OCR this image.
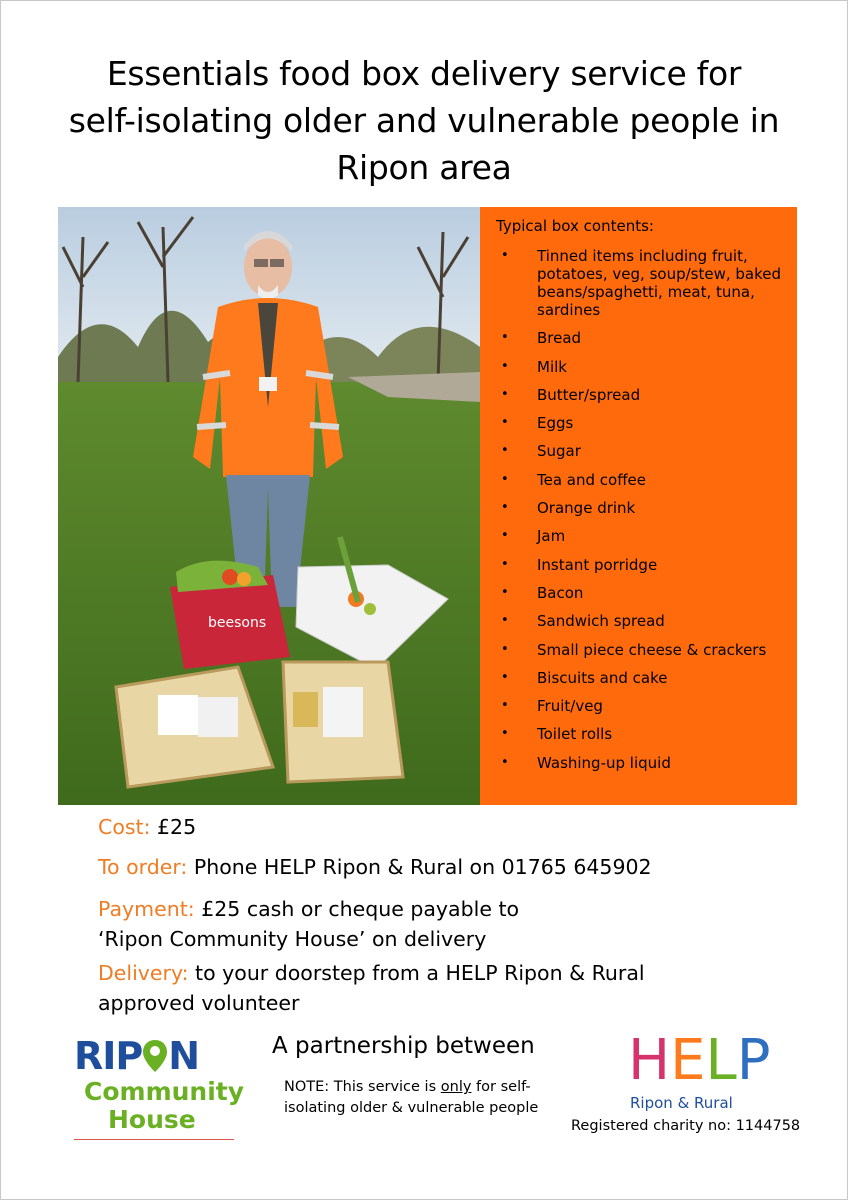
Essentials food box delivery service for
self-isolating older and vulnerable people in
Ripon area
beesons
Typical box contents:
• Tinned items including fruit, potatoes, veg, soup/stew, baked beans/spaghetti, meat, tuna, sardines
• Bread
• Milk
• Butter/spread
• Eggs
• Sugar
• Tea and coffee
• Orange drink
• Jam
• Instant porridge
• Bacon
• Sandwich spread
• Small piece cheese & crackers
• Biscuits and cake
• Fruit/veg
• Toilet rolls
• Washing-up liquid
Cost: £25
To order: Phone HELP Ripon & Rural on 01765 645902
Payment: £25 cash or cheque payable to
‘Ripon Community House’ on delivery
Delivery: to your doorstep from a HELP Ripon & Rural
approved volunteer
RIP N
Community
House
A partnership between
NOTE: This service is only for self-
isolating older & vulnerable people
HELP
Ripon & Rural
Registered charity no: 1144758
